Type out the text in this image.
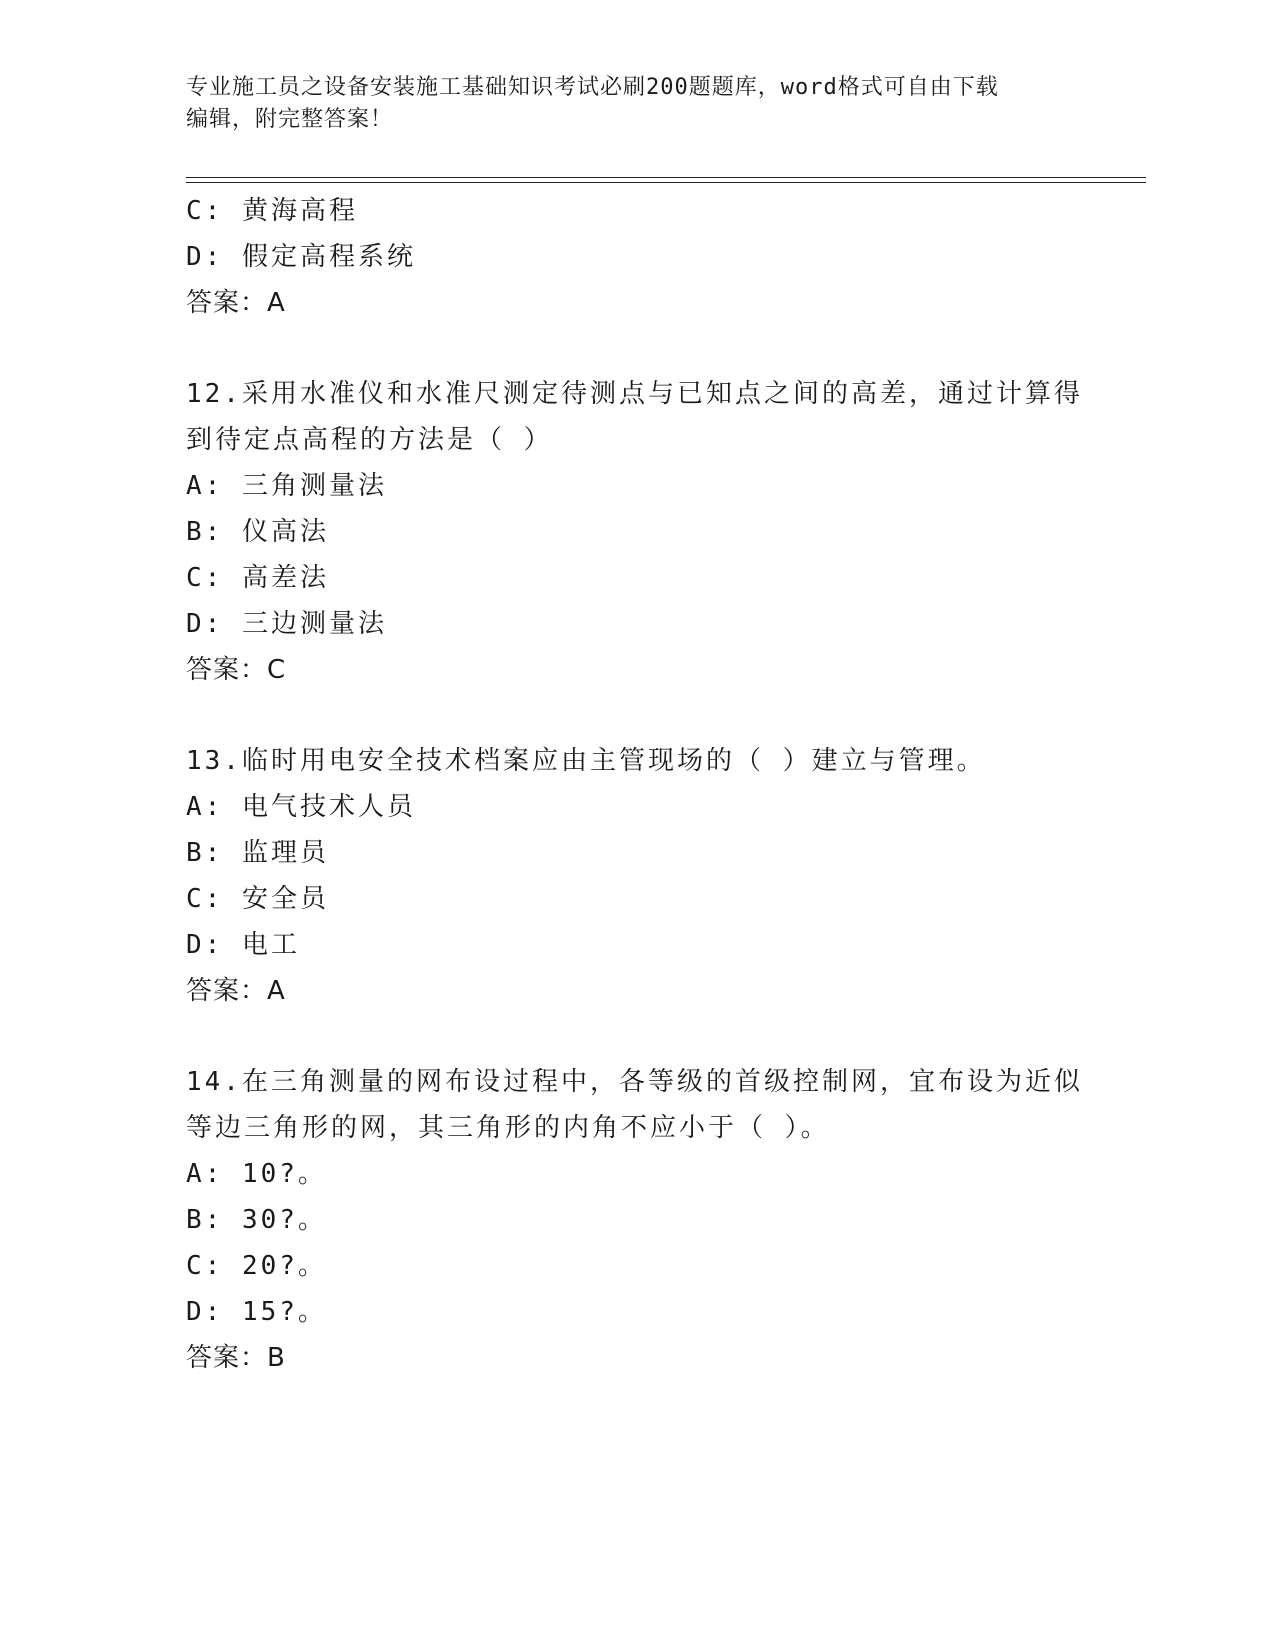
专业施工员之设备安装施工基础知识考试必刷200题题库，word格式可自由下载
编辑，附完整答案！
C: 黄海高程
D: 假定高程系统
答案：A
12.采用水准仪和水准尺测定待测点与已知点之间的高差，通过计算得
到待定点高程的方法是（ ）
A: 三角测量法
B: 仪高法
C: 高差法
D: 三边测量法
答案：C
13.临时用电安全技术档案应由主管现场的（ ）建立与管理。
A: 电气技术人员
B: 监理员
C: 安全员
D: 电工
答案：A
14.在三角测量的网布设过程中，各等级的首级控制网，宜布设为近似
等边三角形的网，其三角形的内角不应小于（ ）。
A: 10?。
B: 30?。
C: 20?。
D: 15?。
答案：B
